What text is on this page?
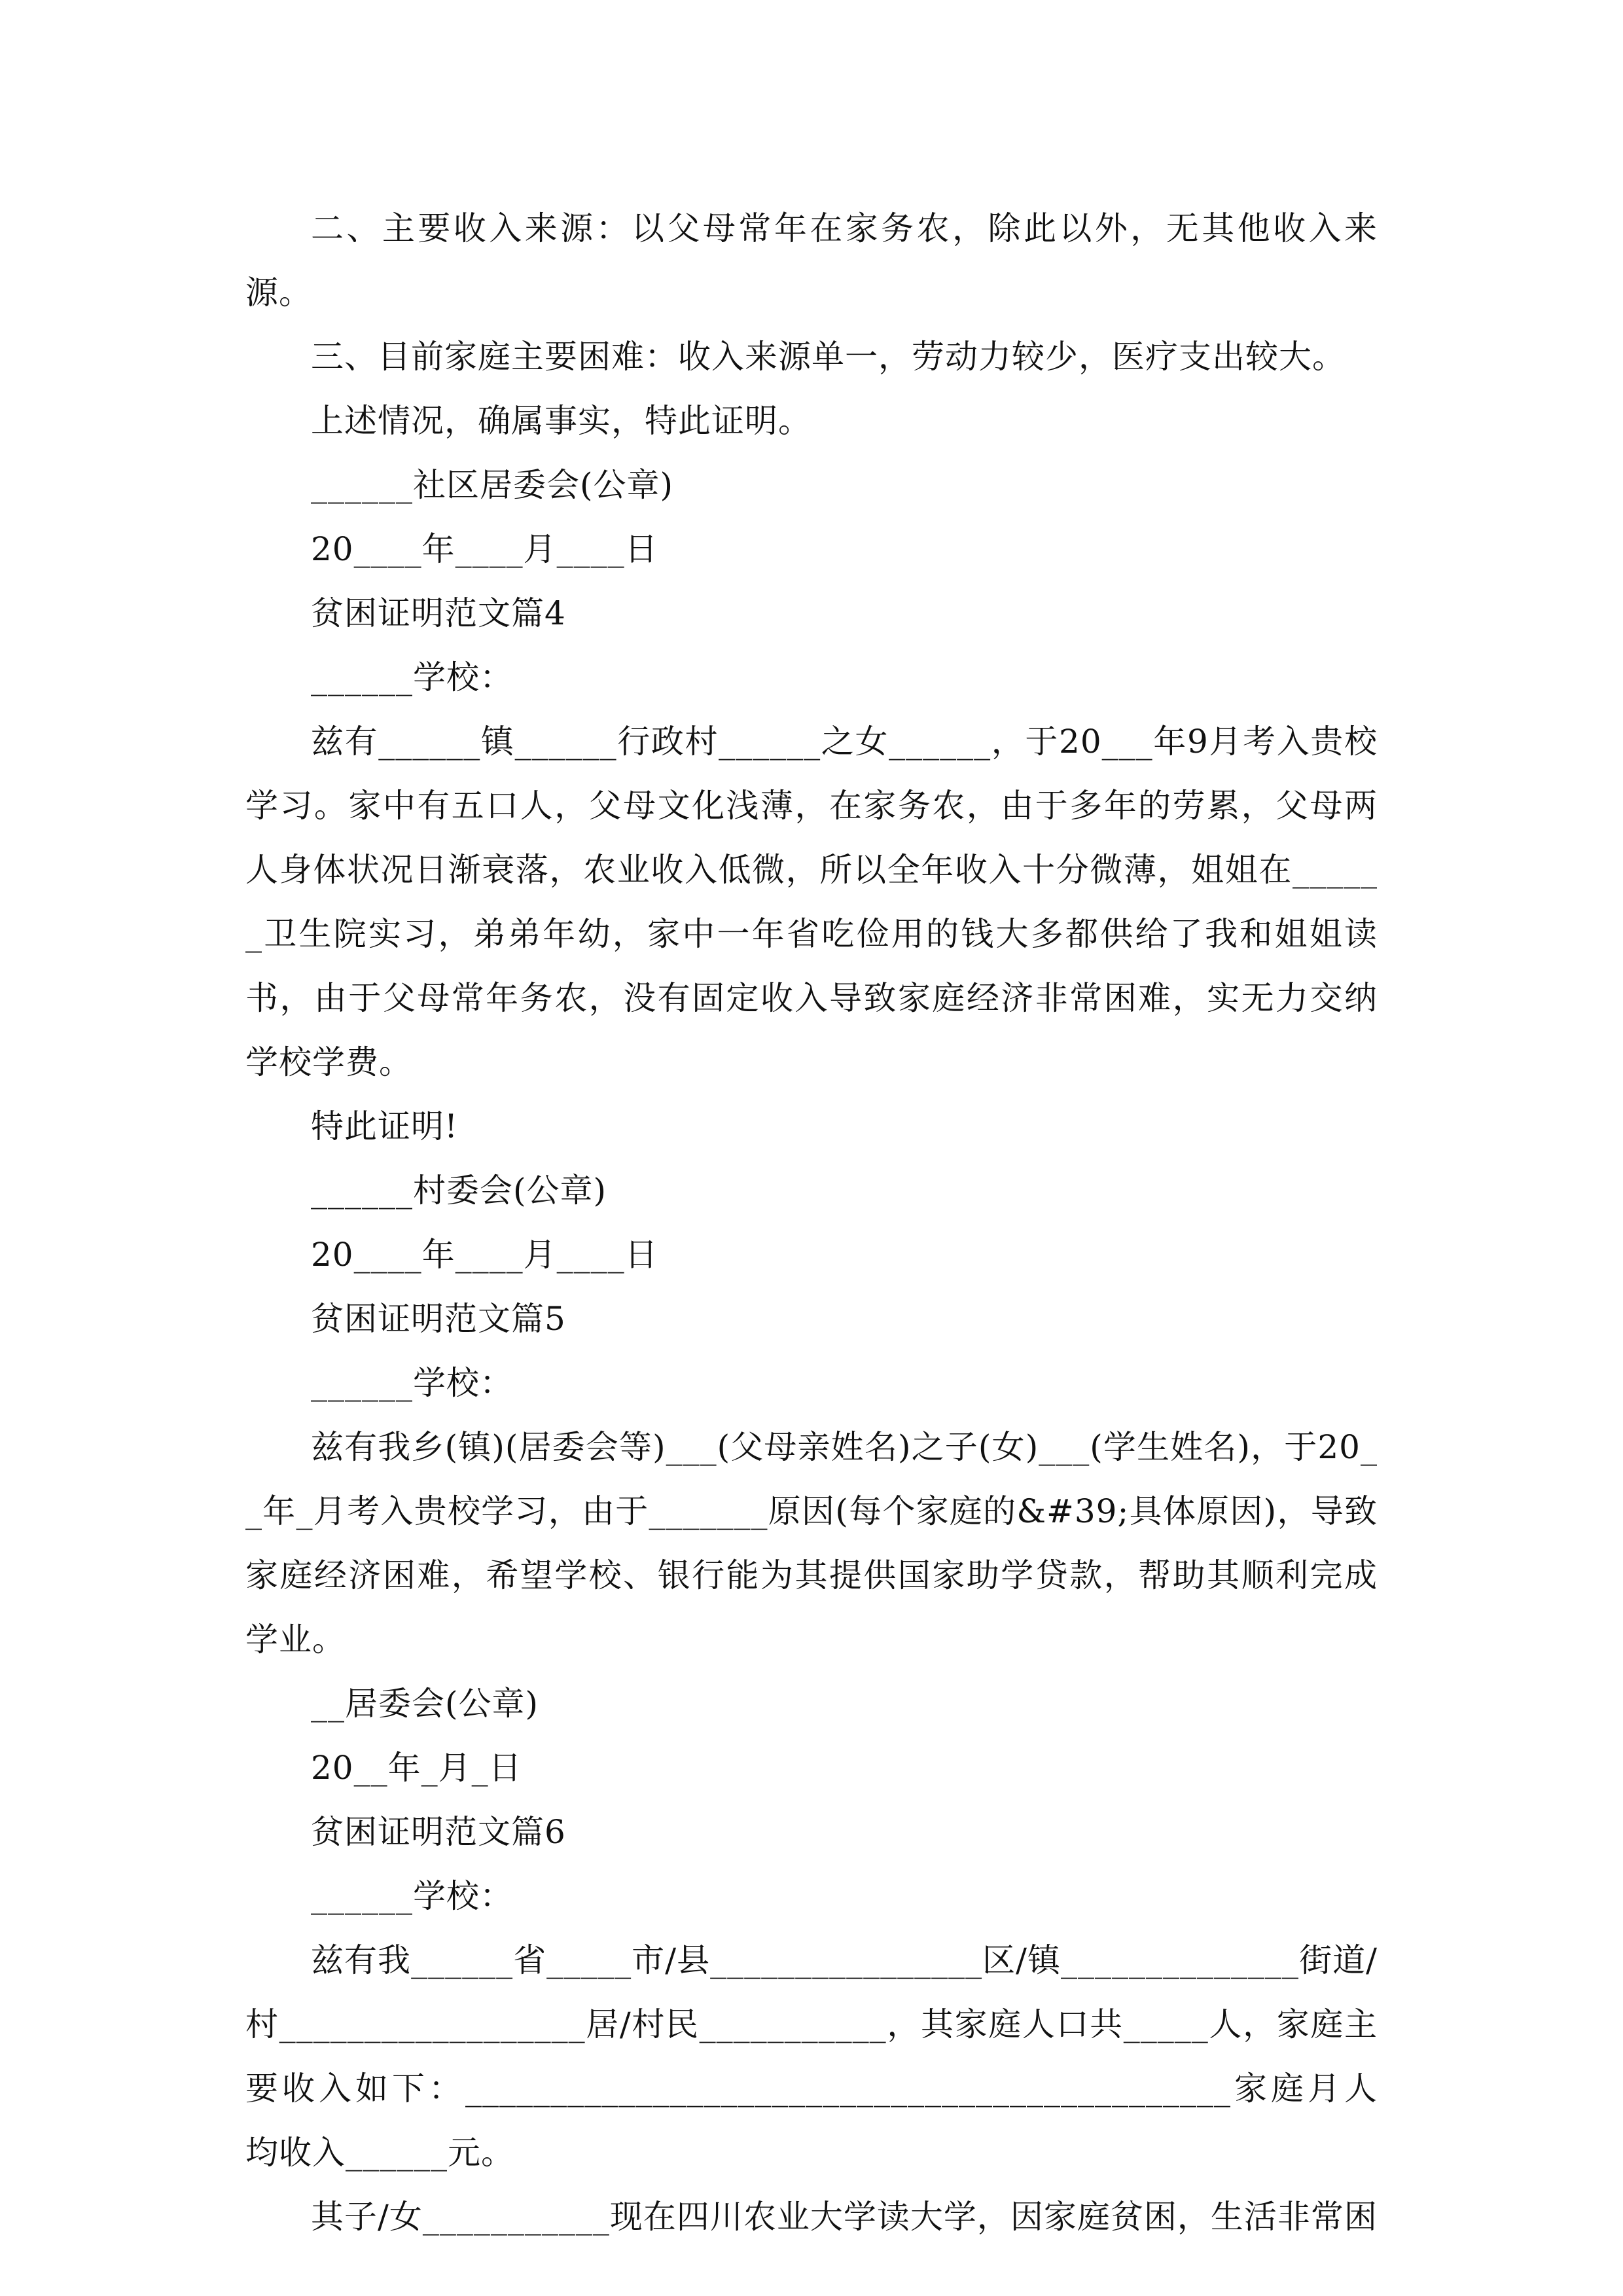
二、主要收入来源：以父母常年在家务农，除此以外，无其他收入来源。

三、目前家庭主要困难：收入来源单一，劳动力较少，医疗支出较大。

上述情况，确属事实，特此证明。

______社区居委会(公章)

20____年____月____日

贫困证明范文篇4

______学校：

兹有______镇______行政村______之女______，于20___年9月考入贵校学习。家中有五口人，父母文化浅薄，在家务农，由于多年的劳累，父母两人身体状况日渐衰落，农业收入低微，所以全年收入十分微薄，姐姐在______卫生院实习，弟弟年幼，家中一年省吃俭用的钱大多都供给了我和姐姐读书，由于父母常年务农，没有固定收入导致家庭经济非常困难，实无力交纳学校学费。

特此证明!

______村委会(公章)

20____年____月____日

贫困证明范文篇5

______学校：

兹有我乡(镇)(居委会等)___(父母亲姓名)之子(女)___(学生姓名)，于20__年_月考入贵校学习，由于_______原因(每个家庭的&#39;具体原因)，导致家庭经济困难，希望学校、银行能为其提供国家助学贷款，帮助其顺利完成学业。

__居委会(公章)

20__年_月_日

贫困证明范文篇6

______学校：

兹有我______省_____市/县________________区/镇______________街道/村__________________居/村民___________，其家庭人口共_____人，家庭主要收入如下：_____________________________________________家庭月人均收入______元。

其子/女___________现在四川农业大学读大学，因家庭贫困，生活非常困
